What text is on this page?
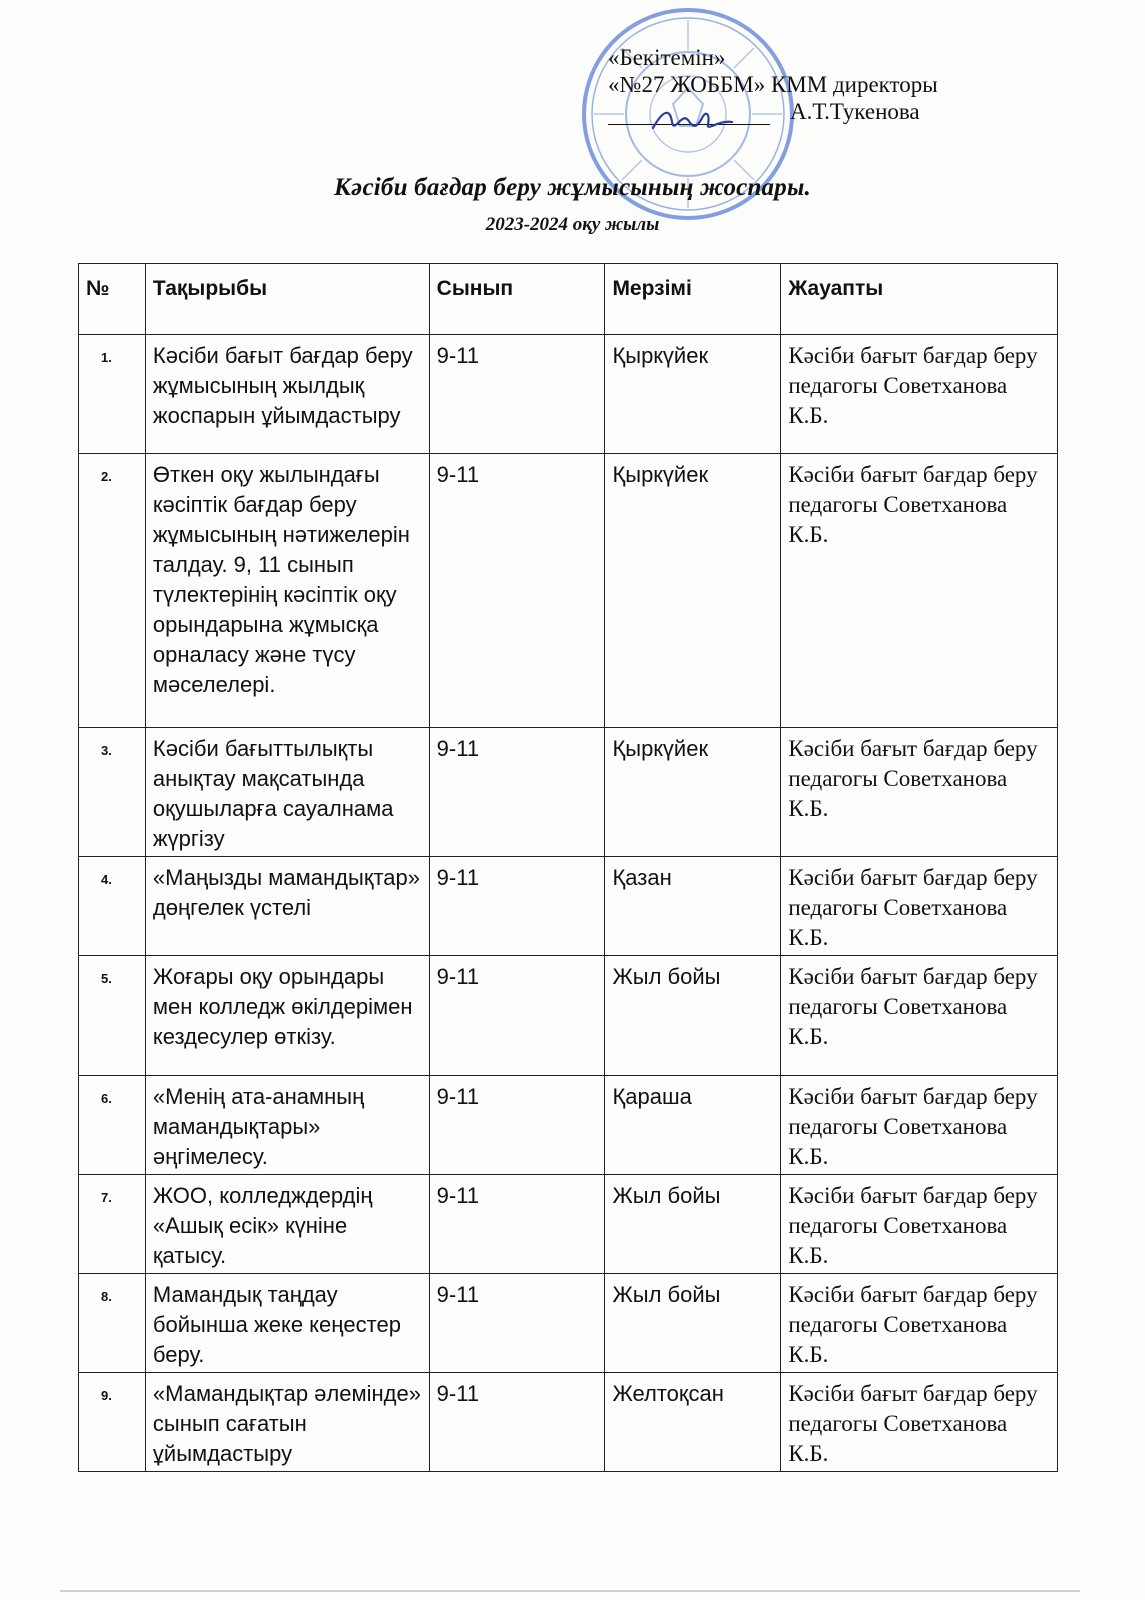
«Бекітемін»
«№27 ЖОББМ» КММ директоры
А.Т.Тукенова
Кәсіби бағдар беру жұмысының жоспары.
2023-2024 оқу жылы
№	Тақырыбы	Сынып	Мерзімі	Жауапты
1.	Кәсіби бағыт бағдар беру жұмысының жылдық жоспарын ұйымдастыру	9-11	Қыркүйек	Кәсіби бағыт бағдар беру педагогы Советханова К.Б.
2.	Өткен оқу жылындағы кәсіптік бағдар беру жұмысының нәтижелерін талдау. 9, 11 сынып түлектерінің кәсіптік оқу орындарына жұмысқа орналасу және түсу мәселелері.	9-11	Қыркүйек	Кәсіби бағыт бағдар беру педагогы Советханова К.Б.
3.	Кәсіби бағыттылықты анықтау мақсатында оқушыларға сауалнама жүргізу	9-11	Қыркүйек	Кәсіби бағыт бағдар беру педагогы Советханова К.Б.
4.	«Маңызды мамандықтар» дөңгелек үстелі	9-11	Қазан	Кәсіби бағыт бағдар беру педагогы Советханова К.Б.
5.	Жоғары оқу орындары мен колледж өкілдерімен кездесулер өткізу.	9-11	Жыл бойы	Кәсіби бағыт бағдар беру педагогы Советханова К.Б.
6.	«Менің ата-анамның мамандықтары» әңгімелесу.	9-11	Қараша	Кәсіби бағыт бағдар беру педагогы Советханова К.Б.
7.	ЖОО, колледждердің «Ашық есік» күніне қатысу.	9-11	Жыл бойы	Кәсіби бағыт бағдар беру педагогы Советханова К.Б.
8.	Мамандық таңдау бойынша жеке кеңестер беру.	9-11	Жыл бойы	Кәсіби бағыт бағдар беру педагогы Советханова К.Б.
9.	«Мамандықтар әлемінде» сынып сағатын ұйымдастыру	9-11	Желтоқсан	Кәсіби бағыт бағдар беру педагогы Советханова К.Б.
